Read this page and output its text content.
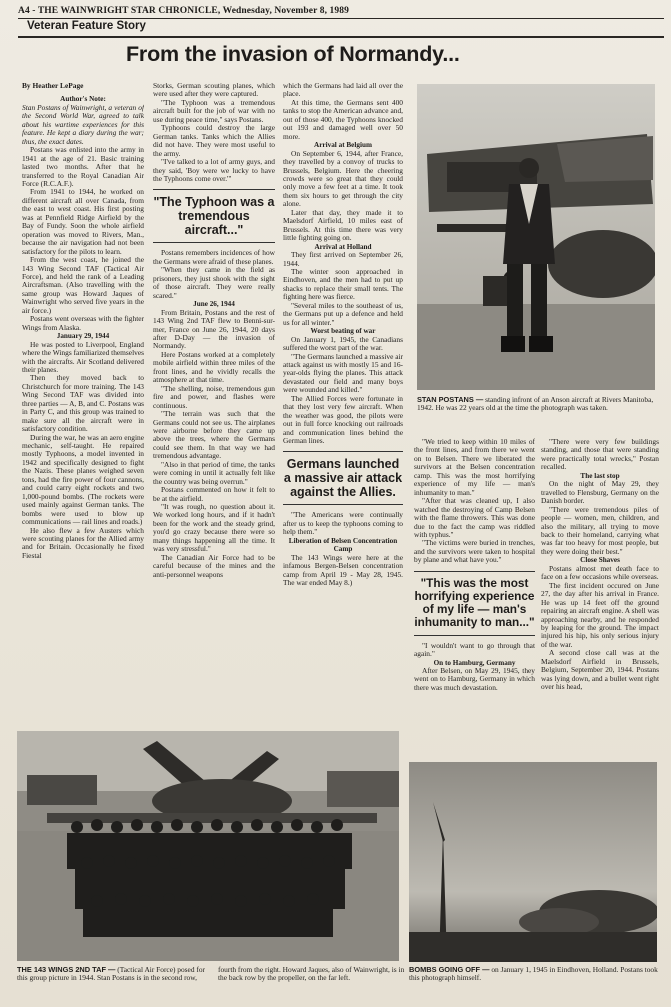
A4 - THE WAINWRIGHT STAR CHRONICLE, Wednesday, November 8, 1989
Veteran Feature Story
From the invasion of Normandy...

By Heather LePage

Author's Note:

Stan Postans of Wainwright, a veteran of the Second World War, agreed to talk about his wartime experiences for this feature. He kept a diary during the war; thus, the exact dates.

Postans was enlisted into the army in 1941 at the age of 21. Basic training lasted two months. After that he transferred to the Royal Canadian Air Force (R.C.A.F.).

From 1941 to 1944, he worked on different aircraft all over Canada, from the east to west coast. His first posting was at Pennfield Ridge Airfield by the Bay of Fundy. Soon the whole airfield operation was moved to Rivers, Man., because the air navigation had not been satisfactory for the pilots to learn.

From the west coast, he joined the 143 Wing Second TAF (Tactical Air Force), and held the rank of a Leading Aircraftsman. (Also travelling with the same group was Howard Jaques of Wainwright who served five years in the air force.)

Postans went overseas with the fighter Wings from Alaska.

January 29, 1944

He was posted to Liverpool, England where the Wings familiarized themselves with the aircrafts. Air Scotland delivered their planes.

Then they moved back to Christchurch for more training. The 143 Wing Second TAF was divided into three parties — A, B, and C. Postans was in Party C, and this group was trained to make sure all the aircraft were in satisfactory condition.

During the war, he was an aero engine mechanic, self-taught. He repaired mostly Typhoons, a model invented in 1942 and specifically designed to fight the Nazis. These planes weighed seven tons, had the fire power of four cannons, and could carry eight rockets and two 1,000-pound bombs. (The rockets were used mainly against German tanks. The bombs were used to blow up communications — rail lines and roads.)

He also flew a few Austers which were scouting planes for the Allied army and for Britain. Occasionally he fixed Fiestal

Storks, German scouting planes, which were used after they were captured.

"The Typhoon was a tremendous aircraft built for the job of war with no use during peace time," says Postans.

Typhoons could destroy the large German tanks. Tanks which the Allies did not have. They were most useful to the army.

"I've talked to a lot of army guys, and they said, 'Boy were we lucky to have the Typhoons come over.'"

"The Typhoon was a tremendous aircraft..."

Postans remembers incidences of how the Germans were afraid of these planes.

"When they came in the field as prisoners, they just shook with the sight of those aircraft. They were really scared."

June 26, 1944

From Britain, Postans and the rest of 143 Wing 2nd TAF flew to Benni-sur-mer, France on June 26, 1944, 20 days after D-Day — the invasion of Normandy.

Here Postans worked at a completely mobile airfield within three miles of the front lines, and he vividly recalls the atmosphere at that time.

"The shelling, noise, tremendous gun fire and power, and flashes were continuous.

"The terrain was such that the Germans could not see us. The airplanes were airborne before they came up above the trees, where the Germans could see them. In that way we had tremendous advantage.

"Also in that period of time, the tanks were coming in until it actually felt like the country was being overrun."

Postans commented on how it felt to be at the airfield.

"It was rough, no question about it. We worked long hours, and if it hadn't been for the work and the steady grind, you'd go crazy because there were so many things happening all the time. It was very stressful."

The Canadian Air Force had to be careful because of the mines and the anti-personnel weapons

which the Germans had laid all over the place.

At this time, the Germans sent 400 tanks to stop the American advance and, out of those 400, the Typhoons knocked out 193 and damaged well over 50 more.

Arrival at Belgium

On September 6, 1944, after France, they travelled by a convoy of trucks to Brussels, Belgium. Here the cheering crowds were so great that they could only move a few feet at a time. It took them six hours to get through the city alone.

Later that day, they made it to Maelsdorf Airfield, 10 miles east of Brussels. At this time there was very little fighting going on.

Arrival at Holland

They first arrived on September 26, 1944.

The winter soon approached in Eindhoven, and the men had to put up shacks to replace their small tents. The fighting here was fierce.

"Several miles to the southeast of us, the Germans put up a defence and held us for all winter."

Worst beating of war

On January 1, 1945, the Canadians suffered the worst part of the war.

"The Germans launched a massive air attack against us with mostly 15 and 16-year-olds flying the planes. This attack devastated our field and many boys were wounded and killed."

The Allied Forces were fortunate in that they lost very few aircraft. When the weather was good, the pilots were out in full force knocking out railroads and communication lines behind the German lines.

Germans launched a massive air attack against the Allies.

"The Americans were continually after us to keep the typhoons coming to help them."

Liberation of Belsen Concentration Camp

The 143 Wings were here at the infamous Bergen-Belsen concentration camp from April 19 - May 28, 1945. The war ended May 8.)

STAN POSTANS — standing infront of an Anson aircraft at Rivers Manitoba, 1942. He was 22 years old at the time the photograph was taken.

"We tried to keep within 10 miles of the front lines, and from there we went on to Belsen. There we liberated the survivors at the Belsen concentration camp. This was the most horrifying experience of my life — man's inhumanity to man."

"After that was cleaned up, I also watched the destroying of Camp Belsen with the flame throwers. This was done due to the fact the camp was riddled with typhus."

"The victims were buried in trenches, and the survivors were taken to hospital by plane and what have you."

"This was the most horrifying experience of my life — man's inhumanity to man..."

"I wouldn't want to go through that again."

On to Hamburg, Germany

After Belsen, on May 29, 1945, they went on to Hamburg, Germany in which there was much devastation.

"There were very few buildings standing, and those that were standing were practically total wrecks," Postan recalled.

The last stop

On the night of May 29, they travelled to Flensburg, Germany on the Danish border.

"There were tremendous piles of people — women, men, children, and also the military, all trying to move back to their homeland, carrying what was far too heavy for most people, but they were doing their best."

Close Shaves

Postans almost met death face to face on a few occasions while overseas.

The first incident occured on June 27, the day after his arrival in France. He was up 14 feet off the ground repairing an aircraft engine. A shell was approaching nearby, and he responded by leaping for the ground. The impact injured his hip, his only serious injury of the war.

A second close call was at the Maelsdorf Airfield in Brussels, Belgium, September 20, 1944. Postans was lying down, and a bullet went right over his head,

THE 143 WINGS 2ND TAF — (Tactical Air Force) posed for this group picture in 1944. Stan Postans is in the second row, fourth from the right. Howard Jaques, also of Wainwright, is in the back row by the propeller, on the far left.
BOMBS GOING OFF — on January 1, 1945 in Eindhoven, Holland. Postans took this photograph himself.
